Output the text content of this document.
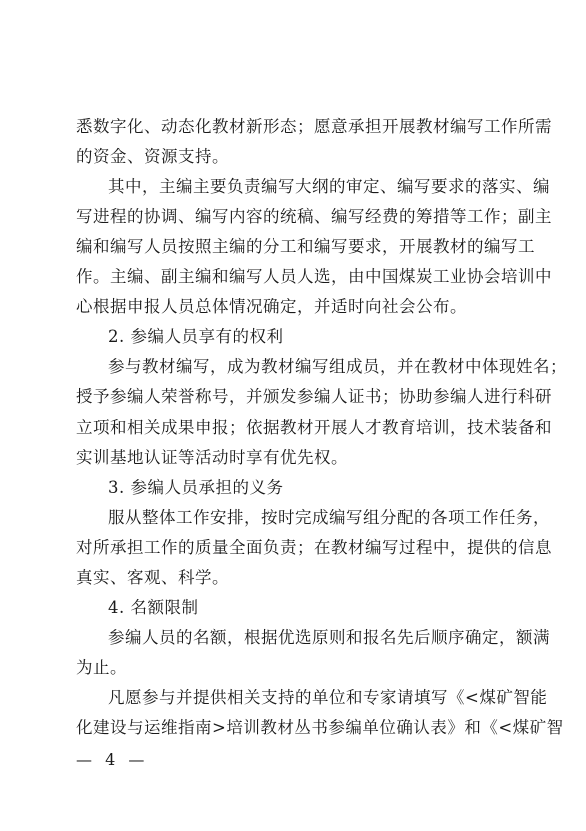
悉数字化、动态化教材新形态；愿意承担开展教材编写工作所需
的资金、资源支持。
其中，主编主要负责编写大纲的审定、编写要求的落实、编
写进程的协调、编写内容的统稿、编写经费的筹措等工作；副主
编和编写人员按照主编的分工和编写要求，开展教材的编写工
作。主编、副主编和编写人员人选，由中国煤炭工业协会培训中
心根据申报人员总体情况确定，并适时向社会公布。
2. 参编人员享有的权利
参与教材编写，成为教材编写组成员，并在教材中体现姓名；
授予参编人荣誉称号，并颁发参编人证书；协助参编人进行科研
立项和相关成果申报；依据教材开展人才教育培训，技术装备和
实训基地认证等活动时享有优先权。
3. 参编人员承担的义务
服从整体工作安排，按时完成编写组分配的各项工作任务，
对所承担工作的质量全面负责；在教材编写过程中，提供的信息
真实、客观、科学。
4. 名额限制
参编人员的名额，根据优选原则和报名先后顺序确定，额满
为止。
凡愿参与并提供相关支持的单位和专家请填写《<煤矿智能
化建设与运维指南>培训教材丛书参编单位确认表》和《<煤矿智
— 4 —
